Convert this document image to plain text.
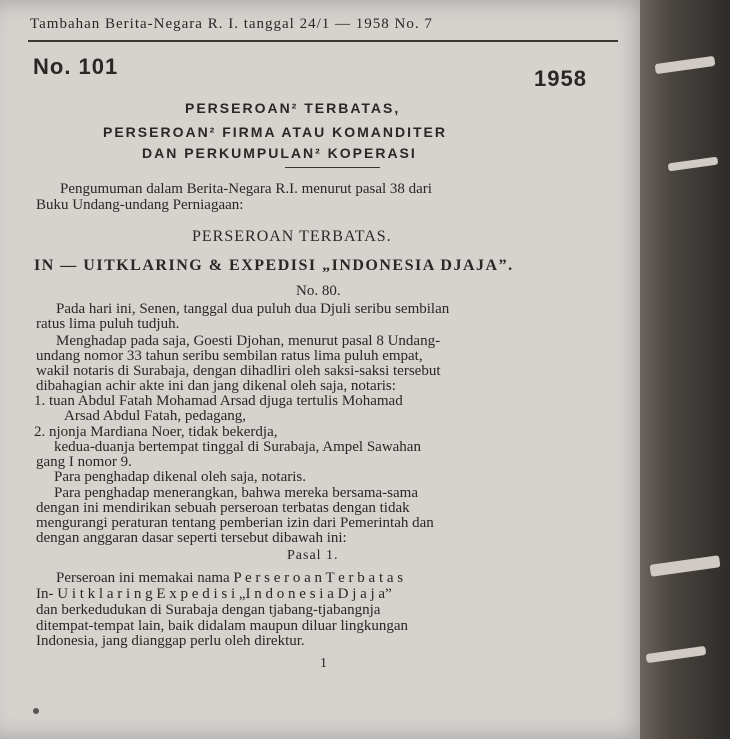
Tambahan Berita-Negara R. I. tanggal 24/1 — 1958 No. 7
No. 101	1958
PERSEROAN² TERBATAS,
PERSEROAN² FIRMA ATAU KOMANDITER
DAN PERKUMPULAN² KOPERASI
Pengumuman dalam Berita-Negara R.I. menurut pasal 38 dari
Buku Undang-undang Perniagaan:
PERSEROAN TERBATAS.
IN — UITKLARING & EXPEDISI „INDONESIA DJAJA”.
No. 80.
Pada hari ini, Senen, tanggal dua puluh dua Djuli seribu sembilan
ratus lima puluh tudjuh.
Menghadap pada saja, Goesti Djohan, menurut pasal 8 Undang-
undang nomor 33 tahun seribu sembilan ratus lima puluh empat,
wakil notaris di Surabaja, dengan dihadliri oleh saksi-saksi tersebut
dibahagian achir akte ini dan jang dikenal oleh saja, notaris:
1. tuan Abdul Fatah Mohamad Arsad djuga tertulis Mohamad
Arsad Abdul Fatah, pedagang,
2. njonja Mardiana Noer, tidak bekerdja,
kedua-duanja bertempat tinggal di Surabaja, Ampel Sawahan
gang I nomor 9.
Para penghadap dikenal oleh saja, notaris.
Para penghadap menerangkan, bahwa mereka bersama-sama
dengan ini mendirikan sebuah perseroan terbatas dengan tidak
mengurangi peraturan tentang pemberian izin dari Pemerintah dan
dengan anggaran dasar seperti tersebut dibawah ini:
Pasal 1.
Perseroan ini memakai nama P e r s e r o a n T e r b a t a s
In- U i t k l a r i n g E x p e d i s i „I n d o n e s i a D j a j a”
dan berkedudukan di Surabaja dengan tjabang-tjabangnja
ditempat-tempat lain, baik didalam maupun diluar lingkungan
Indonesia, jang dianggap perlu oleh direktur.
1
